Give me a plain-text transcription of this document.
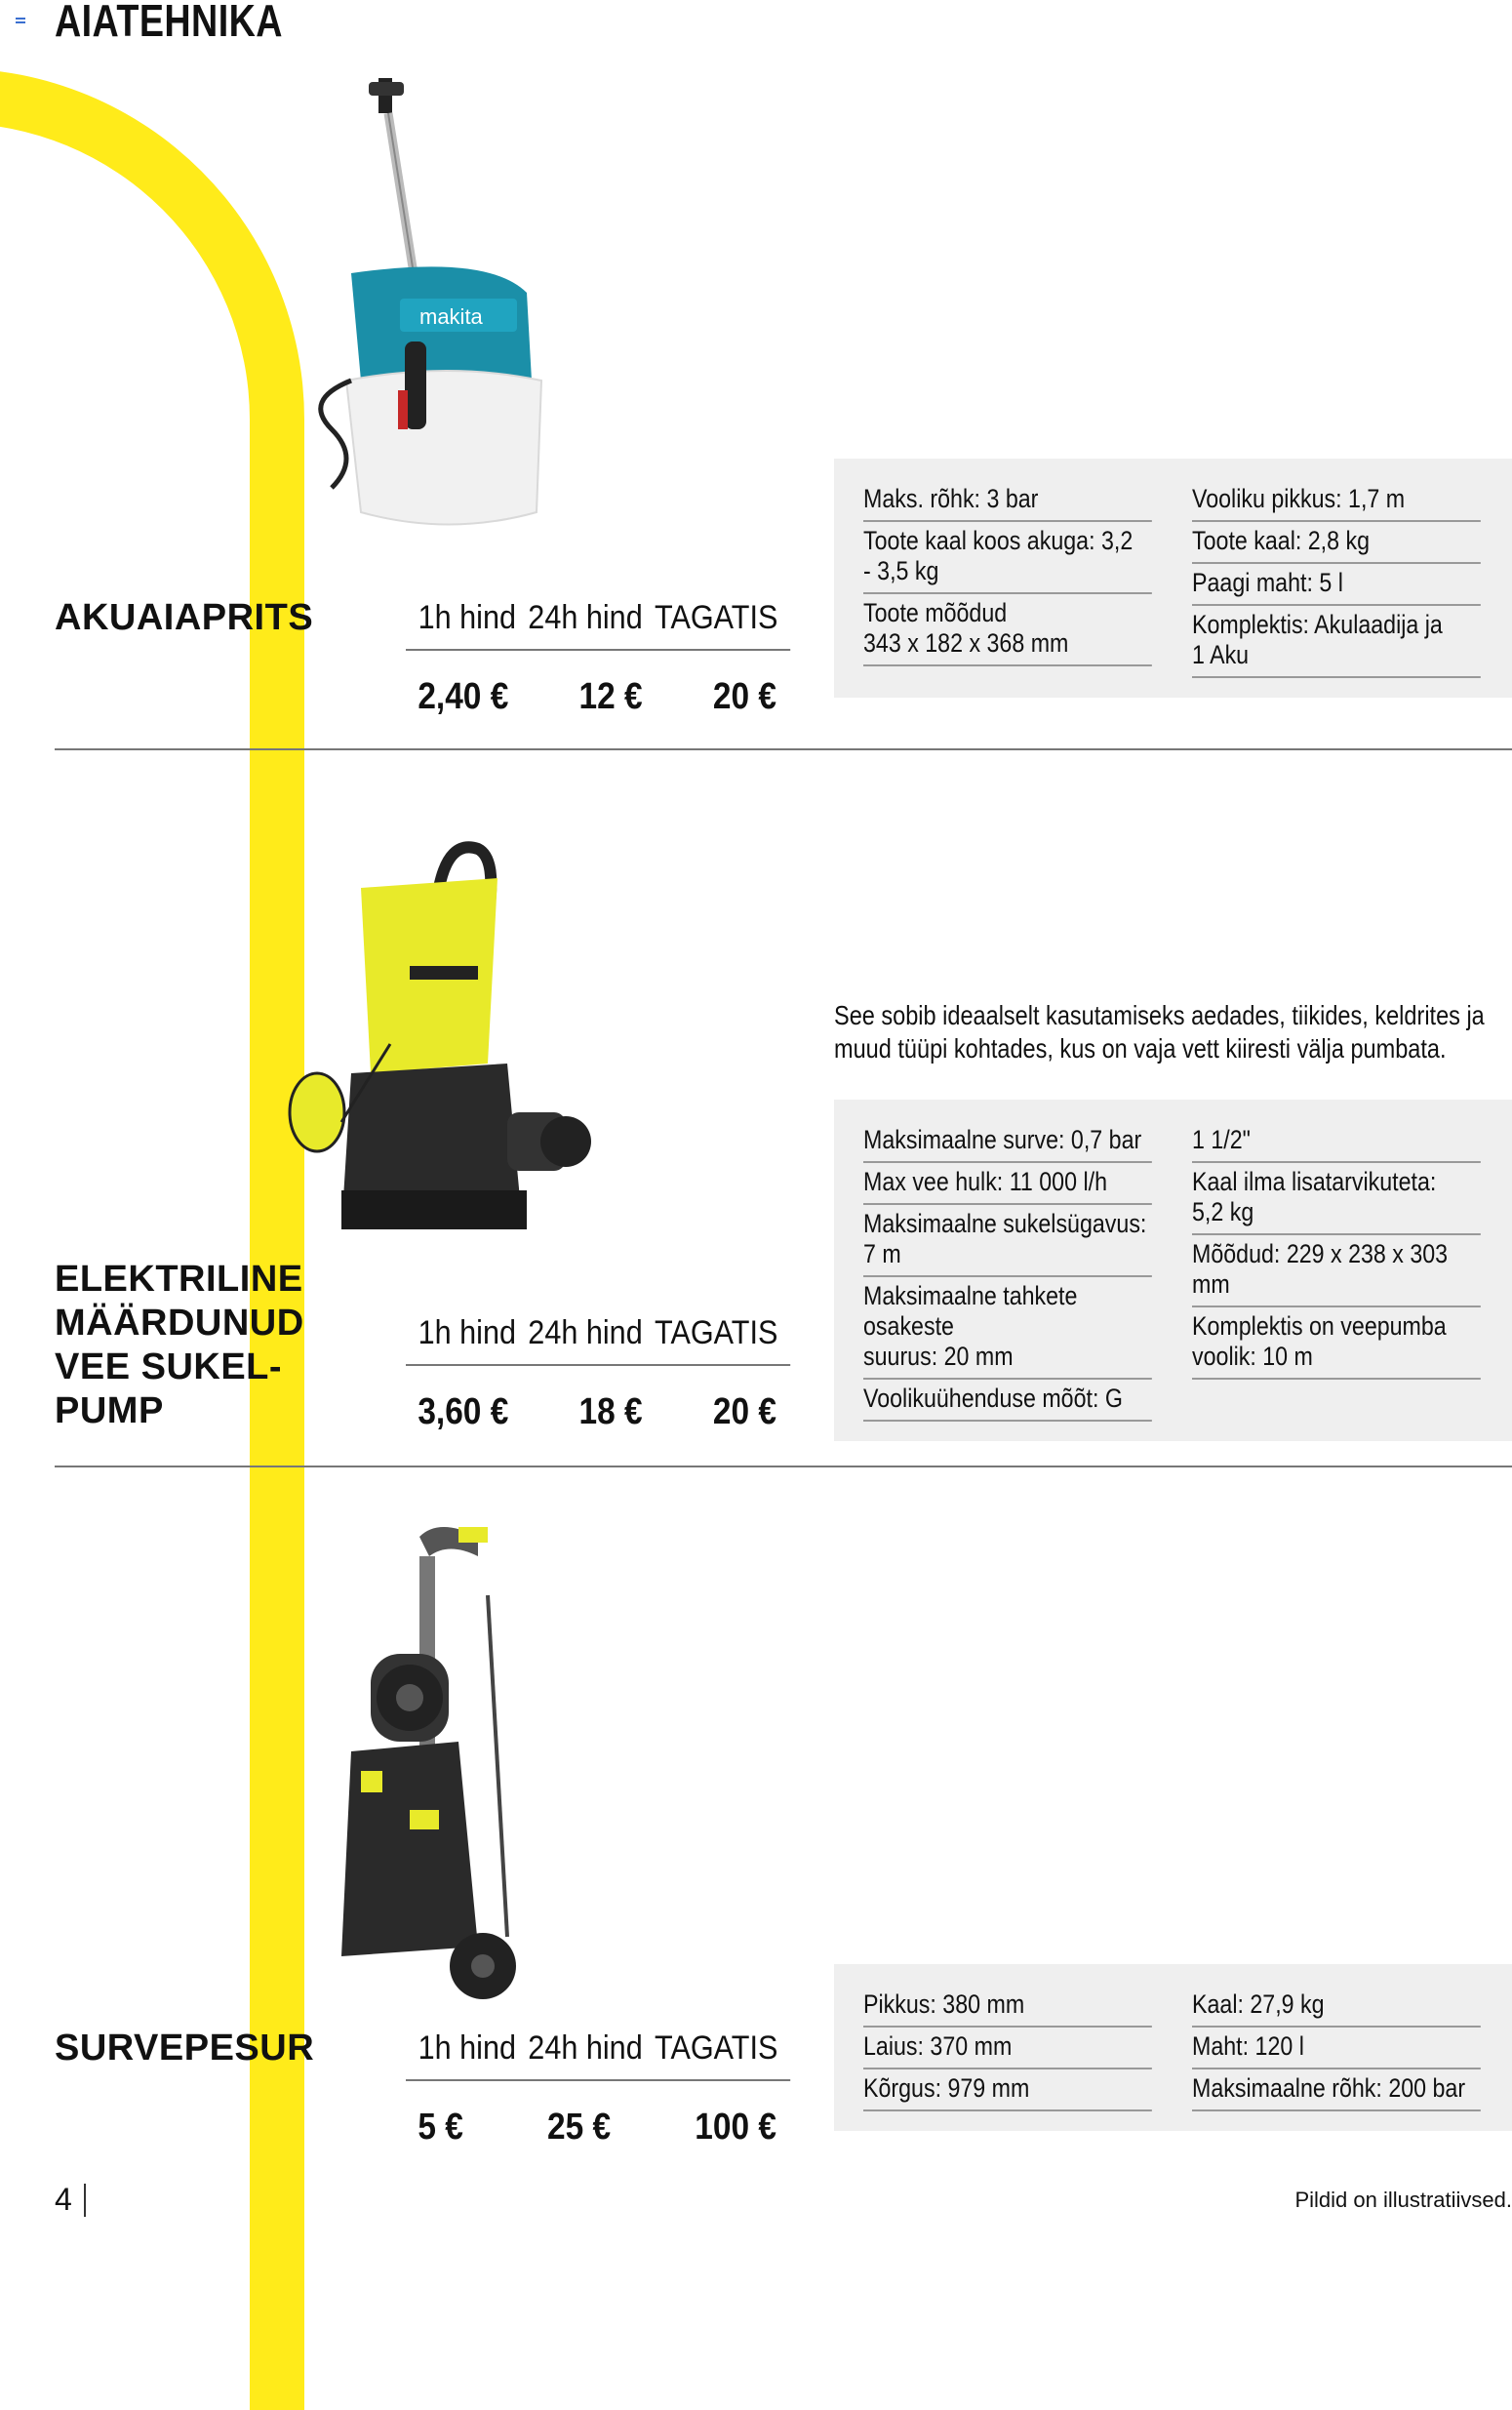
AIATEHNIKA
makita
AKUAIAPRITS	1h hind 24h hind TAGATIS
2,40 € 12 € 20 €
Maks. rõhk: 3 bar
Toote kaal koos akuga: 3,2
- 3,5 kg
Toote mõõdud
343 x 182 x 368 mm
Vooliku pikkus: 1,7 m
Toote kaal: 2,8 kg
Paagi maht: 5 l
Komplektis: Akulaadija ja
1 Aku
See sobib ideaalselt kasutamiseks aedades, tiikides, keldrites ja muud tüüpi kohtades, kus on vaja vett kiiresti välja pumbata.
ELEKTRILINE
MÄÄRDUNUD
VEE SUKEL-
PUMP
1h hind 24h hind TAGATIS
3,60 € 18 € 20 €
Maksimaalne surve: 0,7 bar
Max vee hulk: 11 000 l/h
Maksimaalne sukelsügavus:
7 m
Maksimaalne tahkete osakeste
suurus: 20 mm
Voolikuühenduse mõõt: G
1 1/2"
Kaal ilma lisatarvikuteta:
5,2 kg
Mõõdud: 229 x 238 x 303
mm
Komplektis on veepumba
voolik: 10 m
SURVEPESUR	1h hind 24h hind TAGATIS
5 € 25 € 100 €
Pikkus: 380 mm
Laius: 370 mm
Kõrgus: 979 mm
Kaal: 27,9 kg
Maht: 120 l
Maksimaalne rõhk: 200 bar
4	Pildid on illustratiivsed.
